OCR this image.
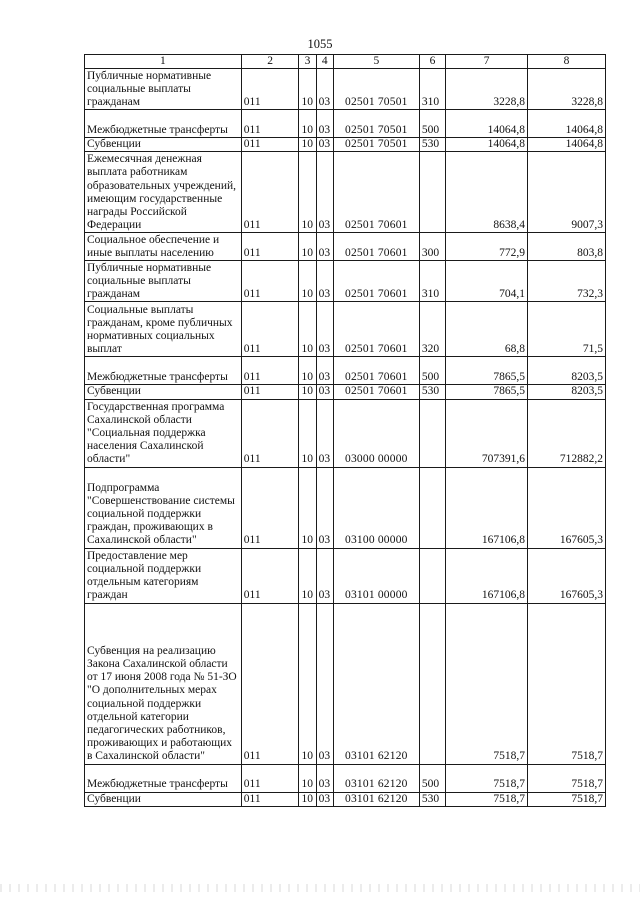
1055
1	2	3	4	5	6	7	8
Публичные нормативные социальные выплаты гражданам	011	10	03	02501 70501	310	3228,8	3228,8
Межбюджетные трансферты	011	10	03	02501 70501	500	14064,8	14064,8
Субвенции	011	10	03	02501 70501	530	14064,8	14064,8
Ежемесячная денежная выплата работникам образовательных учреждений, имеющим государственные награды Российской Федерации	011	10	03	02501 70601		8638,4	9007,3
Социальное обеспечение и иные выплаты населению	011	10	03	02501 70601	300	772,9	803,8
Публичные нормативные социальные выплаты гражданам	011	10	03	02501 70601	310	704,1	732,3
Социальные выплаты гражданам, кроме публичных нормативных социальных выплат	011	10	03	02501 70601	320	68,8	71,5
Межбюджетные трансферты	011	10	03	02501 70601	500	7865,5	8203,5
Субвенции	011	10	03	02501 70601	530	7865,5	8203,5
Государственная программа Сахалинской области "Социальная поддержка населения Сахалинской области"	011	10	03	03000 00000		707391,6	712882,2
Подпрограмма "Совершенствование системы социальной поддержки граждан, проживающих в Сахалинской области"	011	10	03	03100 00000		167106,8	167605,3
Предоставление мер социальной поддержки отдельным категориям граждан	011	10	03	03101 00000		167106,8	167605,3
Субвенция на реализацию Закона Сахалинской области от 17 июня 2008 года № 51-ЗО "О дополнительных мерах социальной поддержки отдельной категории педагогических работников, проживающих и работающих в Сахалинской области"	011	10	03	03101 62120		7518,7	7518,7
Межбюджетные трансферты	011	10	03	03101 62120	500	7518,7	7518,7
Субвенции	011	10	03	03101 62120	530	7518,7	7518,7
